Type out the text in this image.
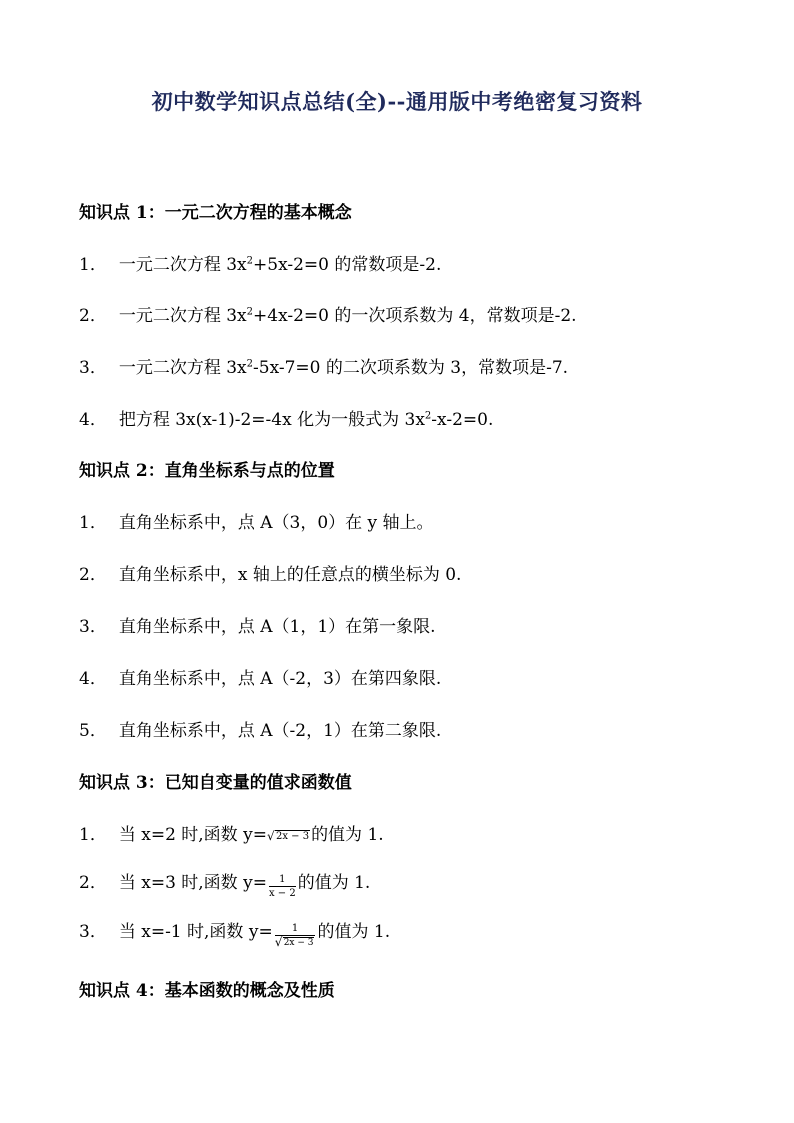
初中数学知识点总结(全)--通用版中考绝密复习资料
知识点 1：一元二次方程的基本概念
1． 一元二次方程 $3x^2+5x-2=0$ 的常数项是-2.
2． 一元二次方程 $3x^2+4x-2=0$ 的一次项系数为 4，常数项是-2.
3． 一元二次方程 $3x^2-5x-7=0$ 的二次项系数为 3，常数项是-7.
4． 把方程 3x(x-1)-2=-4x 化为一般式为 $3x^2-x-2=0$.
知识点 2：直角坐标系与点的位置
1． 直角坐标系中，点 A（3，0）在 y 轴上。
2． 直角坐标系中，x 轴上的任意点的横坐标为 0.
3． 直角坐标系中，点 A（1，1）在第一象限.
4． 直角坐标系中，点 A（-2，3）在第四象限.
5． 直角坐标系中，点 A（-2，1）在第二象限.
知识点 3：已知自变量的值求函数值
1． 当 x=2 时,函数 y= √ 2x − 3 的值为 1.
2． 当 x=3 时,函数 $y= \frac{1}{x - 2}$ 的值为 1.
3． 当 x=-1 时,函数 $y= \frac{1}{√ 2x - 3}$ 的值为 1.
知识点 4：基本函数的概念及性质
